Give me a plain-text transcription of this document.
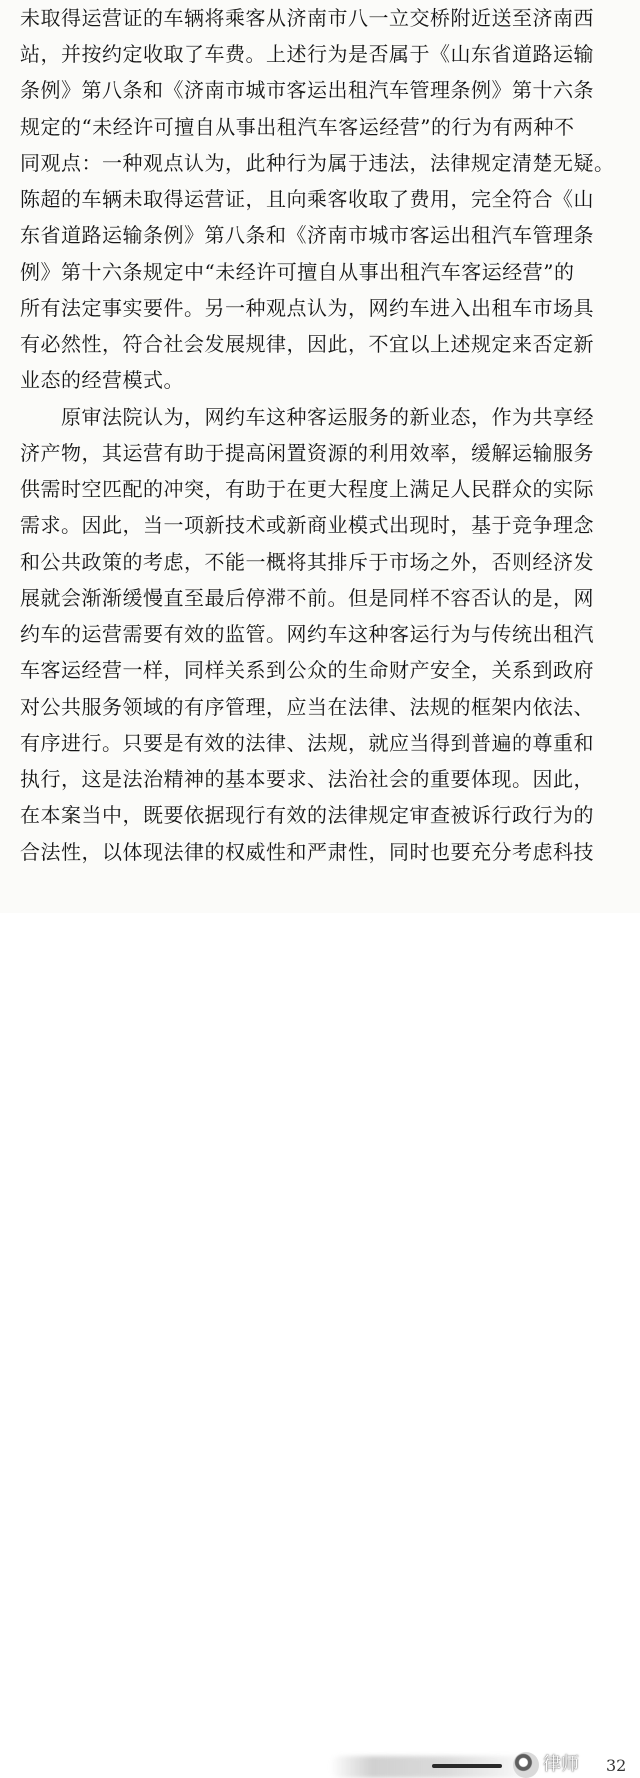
未取得运营证的车辆将乘客从济南市八一立交桥附近送至济南西
站，并按约定收取了车费。上述行为是否属于《山东省道路运输
条例》第八条和《济南市城市客运出租汽车管理条例》第十六条
规定的“未经许可擅自从事出租汽车客运经营”的行为有两种不
同观点：一种观点认为，此种行为属于违法，法律规定清楚无疑。
陈超的车辆未取得运营证，且向乘客收取了费用，完全符合《山
东省道路运输条例》第八条和《济南市城市客运出租汽车管理条
例》第十六条规定中“未经许可擅自从事出租汽车客运经营”的
所有法定事实要件。另一种观点认为，网约车进入出租车市场具
有必然性，符合社会发展规律，因此，不宜以上述规定来否定新
业态的经营模式。
　　原审法院认为，网约车这种客运服务的新业态，作为共享经
济产物，其运营有助于提高闲置资源的利用效率，缓解运输服务
供需时空匹配的冲突，有助于在更大程度上满足人民群众的实际
需求。因此，当一项新技术或新商业模式出现时，基于竞争理念
和公共政策的考虑，不能一概将其排斥于市场之外，否则经济发
展就会渐渐缓慢直至最后停滞不前。但是同样不容否认的是，网
约车的运营需要有效的监管。网约车这种客运行为与传统出租汽
车客运经营一样，同样关系到公众的生命财产安全，关系到政府
对公共服务领域的有序管理，应当在法律、法规的框架内依法、
有序进行。只要是有效的法律、法规，就应当得到普遍的尊重和
执行，这是法治精神的基本要求、法治社会的重要体现。因此，
在本案当中，既要依据现行有效的法律规定审查被诉行政行为的
合法性，以体现法律的权威性和严肃性，同时也要充分考虑科技
律师 32
